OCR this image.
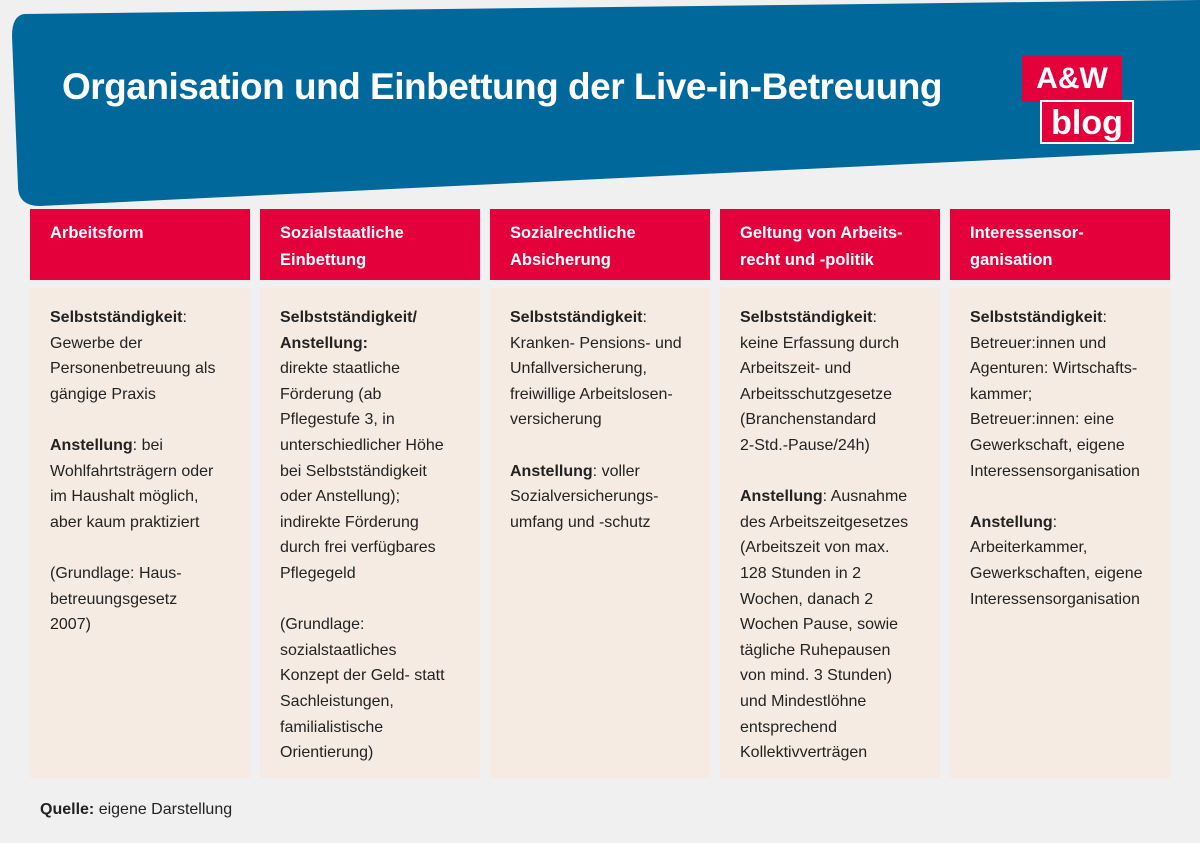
Organisation und Einbettung der Live-in-Betreuung	A&W
blog
Arbeitsform
Selbstständigkeit:
Gewerbe der
Personenbetreuung als
gängige Praxis
Anstellung: bei
Wohlfahrtsträgern oder
im Haushalt möglich,
aber kaum praktiziert
(Grundlage: Haus-
betreuungsgesetz
2007)
Sozialstaatliche
Einbettung
Selbstständigkeit/
Anstellung:
direkte staatliche
Förderung (ab
Pflegestufe 3, in
unterschiedlicher Höhe
bei Selbstständigkeit
oder Anstellung);
indirekte Förderung
durch frei verfügbares
Pflegegeld
(Grundlage:
sozialstaatliches
Konzept der Geld- statt
Sachleistungen,
familialistische
Orientierung)
Sozialrechtliche
Absicherung
Selbstständigkeit:
Kranken- Pensions- und
Unfallversicherung,
freiwillige Arbeitslosen-
versicherung
Anstellung: voller
Sozialversicherungs-
umfang und -schutz
Geltung von Arbeits-
recht und -politik
Selbstständigkeit:
keine Erfassung durch
Arbeitszeit- und
Arbeitsschutzgesetze
(Branchenstandard
2-Std.-Pause/24h)
Anstellung: Ausnahme
des Arbeitszeitgesetzes
(Arbeitszeit von max.
128 Stunden in 2
Wochen, danach 2
Wochen Pause, sowie
tägliche Ruhepausen
von mind. 3 Stunden)
und Mindestlöhne
entsprechend
Kollektivverträgen
Interessensor-
ganisation
Selbstständigkeit:
Betreuer:innen und
Agenturen: Wirtschafts-
kammer;
Betreuer:innen: eine
Gewerkschaft, eigene
Interessensorganisation
Anstellung:
Arbeiterkammer,
Gewerkschaften, eigene
Interessensorganisation
Quelle: eigene Darstellung
